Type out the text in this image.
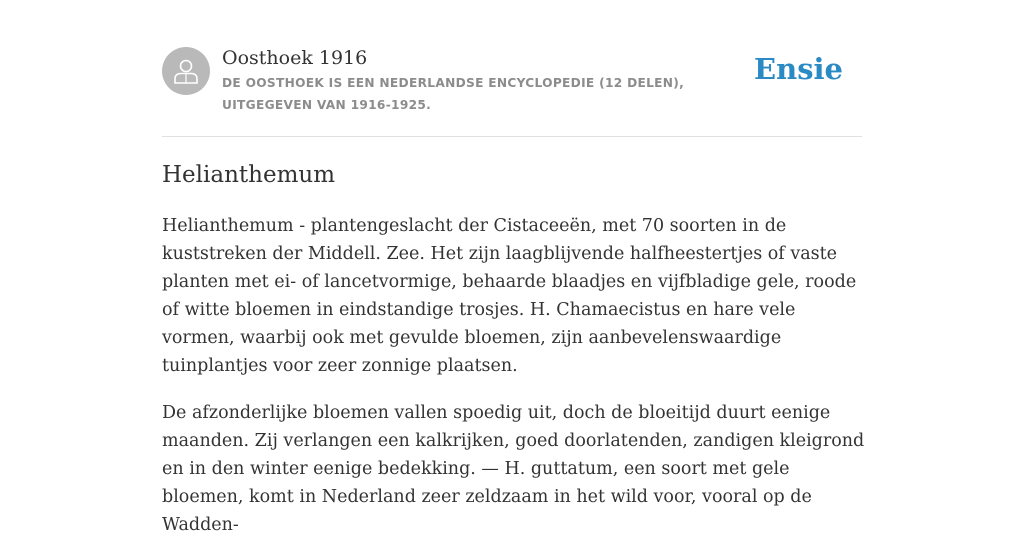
Oosthoek 1916
DE OOSTHOEK IS EEN NEDERLANDSE ENCYCLOPEDIE (12 DELEN), UITGEGEVEN VAN 1916-1925.
Ensie
Helianthemum

Helianthemum - plantengeslacht der Cistaceeën, met 70 soorten in de kuststreken der Middell. Zee. Het zijn laagblijvende halfheestertjes of vaste planten met ei- of lancetvormige, behaarde blaadjes en vijfbladige gele, roode of witte bloemen in eindstandige trosjes. H. Chamaecistus en hare vele vormen, waarbij ook met gevulde bloemen, zijn aanbevelenswaardige tuinplantjes voor zeer zonnige plaatsen.

De afzonderlijke bloemen vallen spoedig uit, doch de bloeitijd duurt eenige maanden. Zij verlangen een kalkrijken, goed doorlatenden, zandigen kleigrond en in den winter eenige bedekking. — H. guttatum, een soort met gele bloemen, komt in Nederland zeer zeldzaam in het wild voor, vooral op de Wadden-
